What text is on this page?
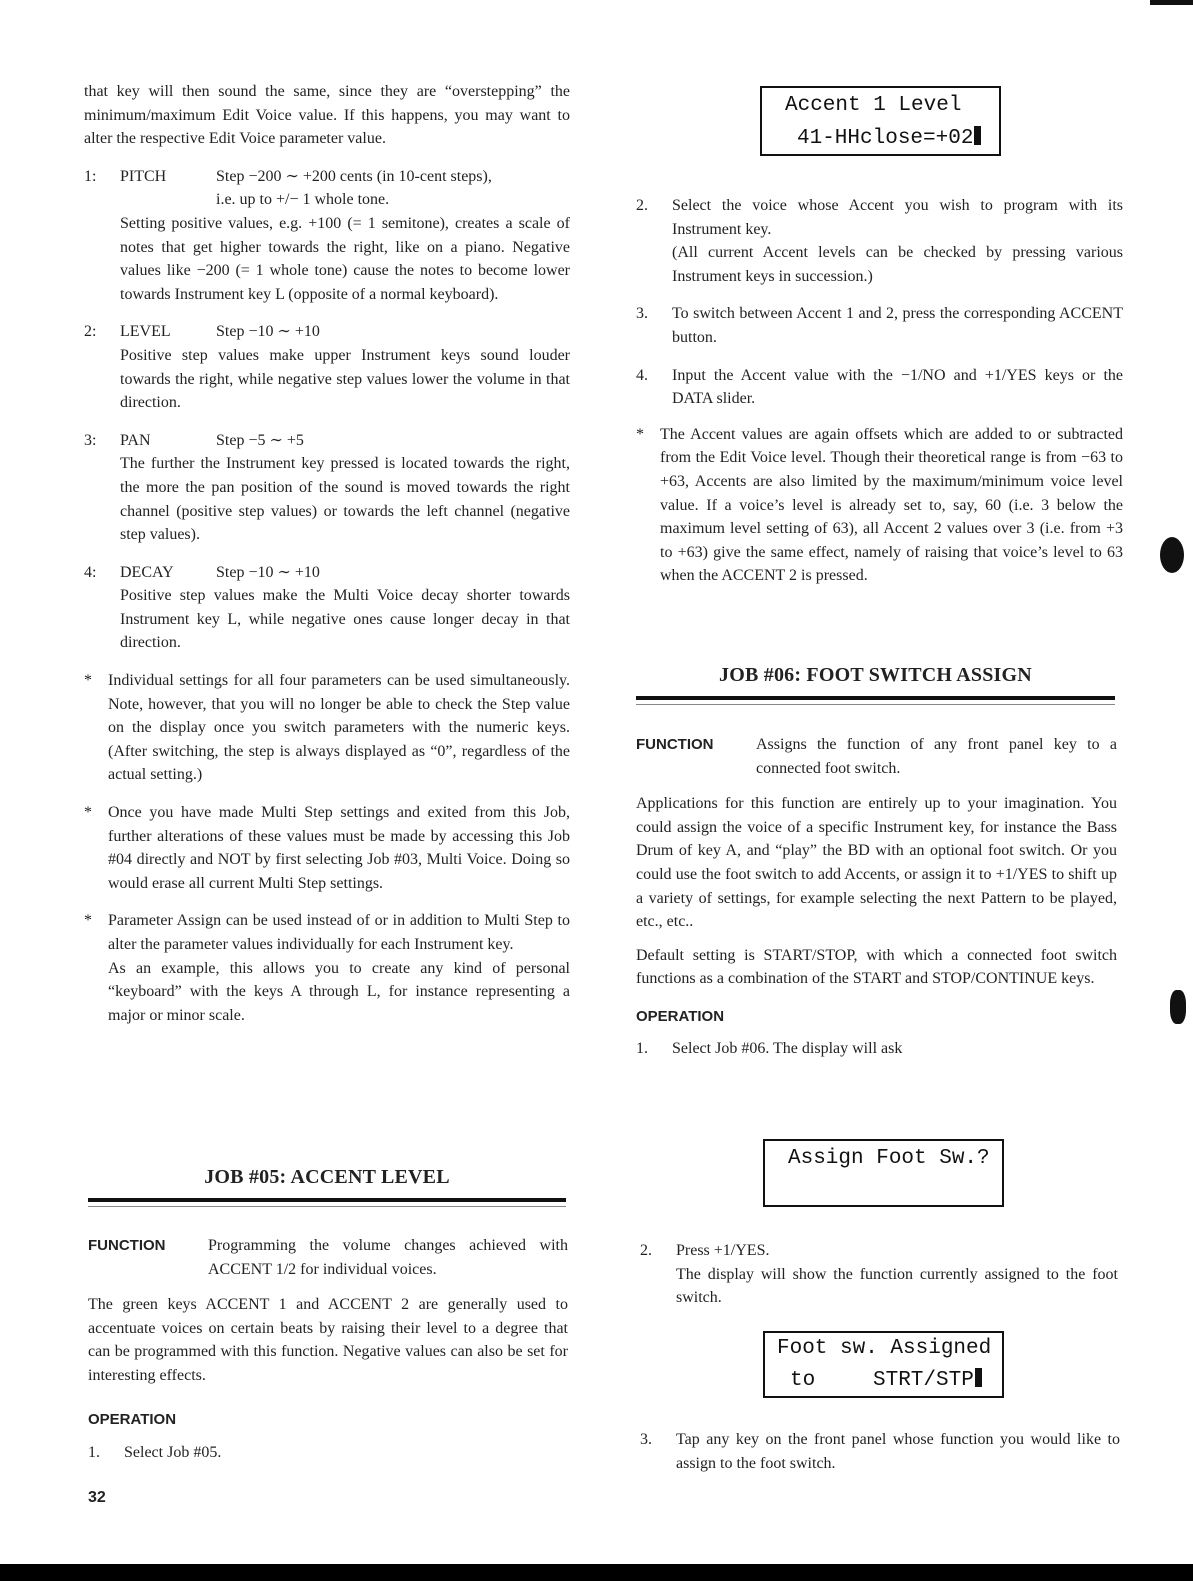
that key will then sound the same, since they are “overstepping” the minimum/maximum Edit Voice value. If this happens, you may want to alter the respective Edit Voice parameter value.

1: PITCH	Step −200 ∼ +200 cents (in 10-cent steps),
i.e. up to +/− 1 whole tone.

Setting positive values, e.g. +100 (= 1 semitone), creates a scale of notes that get higher towards the right, like on a piano. Negative values like −200 (= 1 whole tone) cause the notes to become lower towards Instrument key L (opposite of a normal keyboard).

2: LEVEL	Step −10 ∼ +10

Positive step values make upper Instrument keys sound louder towards the right, while negative step values lower the volume in that direction.

3: PAN	Step −5 ∼ +5

The further the Instrument key pressed is located towards the right, the more the pan position of the sound is moved towards the right channel (positive step values) or towards the left channel (negative step values).

4: DECAY	Step −10 ∼ +10

Positive step values make the Multi Voice decay shorter towards Instrument key L, while negative ones cause longer decay in that direction.

* Individual settings for all four parameters can be used simultaneously. Note, however, that you will no longer be able to check the Step value on the display once you switch parameters with the numeric keys. (After switching, the step is always displayed as “0”, regardless of the actual setting.)

* Once you have made Multi Step settings and exited from this Job, further alterations of these values must be made by accessing this Job #04 directly and NOT by first selecting Job #03, Multi Voice. Doing so would erase all current Multi Step settings.

* Parameter Assign can be used instead of or in addition to Multi Step to alter the parameter values individually for each Instrument key.

As an example, this allows you to create any kind of personal “keyboard” with the keys A through L, for instance representing a major or minor scale.

JOB #05: ACCENT LEVEL
FUNCTION	Programming the volume changes achieved with ACCENT 1/2 for individual voices.

The green keys ACCENT 1 and ACCENT 2 are generally used to accentuate voices on certain beats by raising their level to a degree that can be programmed with this function. Negative values can also be set for interesting effects.

OPERATION
1. Select Job #05.
32
Accent 1 Level
41-HHclose=+02
2. Select the voice whose Accent you wish to program with its Instrument key.

(All current Accent levels can be checked by pressing various Instrument keys in succession.)

3. To switch between Accent 1 and 2, press the corresponding ACCENT button.

4. Input the Accent value with the −1/NO and +1/YES keys or the DATA slider.

* The Accent values are again offsets which are added to or subtracted from the Edit Voice level. Though their theoretical range is from −63 to +63, Accents are also limited by the maximum/minimum voice level value. If a voice’s level is already set to, say, 60 (i.e. 3 below the maximum level setting of 63), all Accent 2 values over 3 (i.e. from +3 to +63) give the same effect, namely of raising that voice’s level to 63 when the ACCENT 2 is pressed.

JOB #06: FOOT SWITCH ASSIGN
FUNCTION	Assigns the function of any front panel key to a connected foot switch.

Applications for this function are entirely up to your imagination. You could assign the voice of a specific Instrument key, for instance the Bass Drum of key A, and “play” the BD with an optional foot switch. Or you could use the foot switch to add Accents, or assign it to +1/YES to shift up a variety of settings, for example selecting the next Pattern to be played, etc., etc..

Default setting is START/STOP, with which a connected foot switch functions as a combination of the START and STOP/CONTINUE keys.

OPERATION
1. Select Job #06. The display will ask
Assign Foot Sw.?
2. Press +1/YES.

The display will show the function currently assigned to the foot switch.

Foot sw. Assigned
to	STRT/STP
3. Tap any key on the front panel whose function you would like to assign to the foot switch.
